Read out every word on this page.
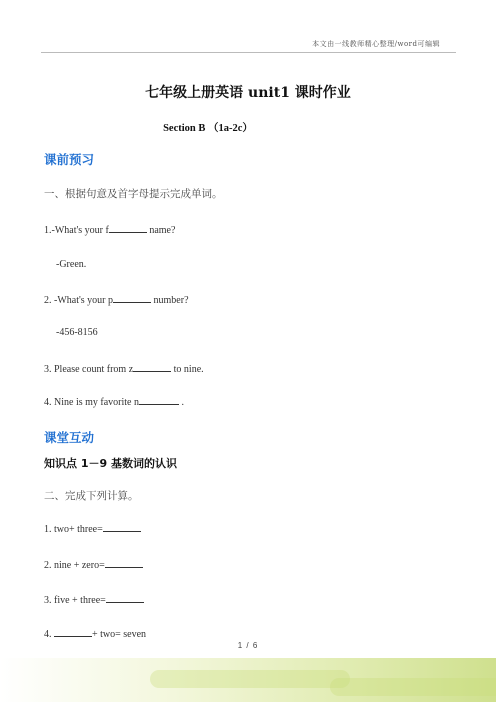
本文由一线教师精心整理/word可编辑
七年级上册英语 unit1 课时作业
Section B （1a-2c）
课前预习
一、根据句意及首字母提示完成单词。
1.-What's your f	name?
-Green.
2. -What's your p	number?
-456-8156
3. Please count from z	to nine.
4. Nine is my favorite n	.
课堂互动
知识点 1－9 基数词的认识
二、完成下列计算。
1. two+ three=
2. nine + zero=
3. five + three=
4.	+ two= seven
1 / 6
